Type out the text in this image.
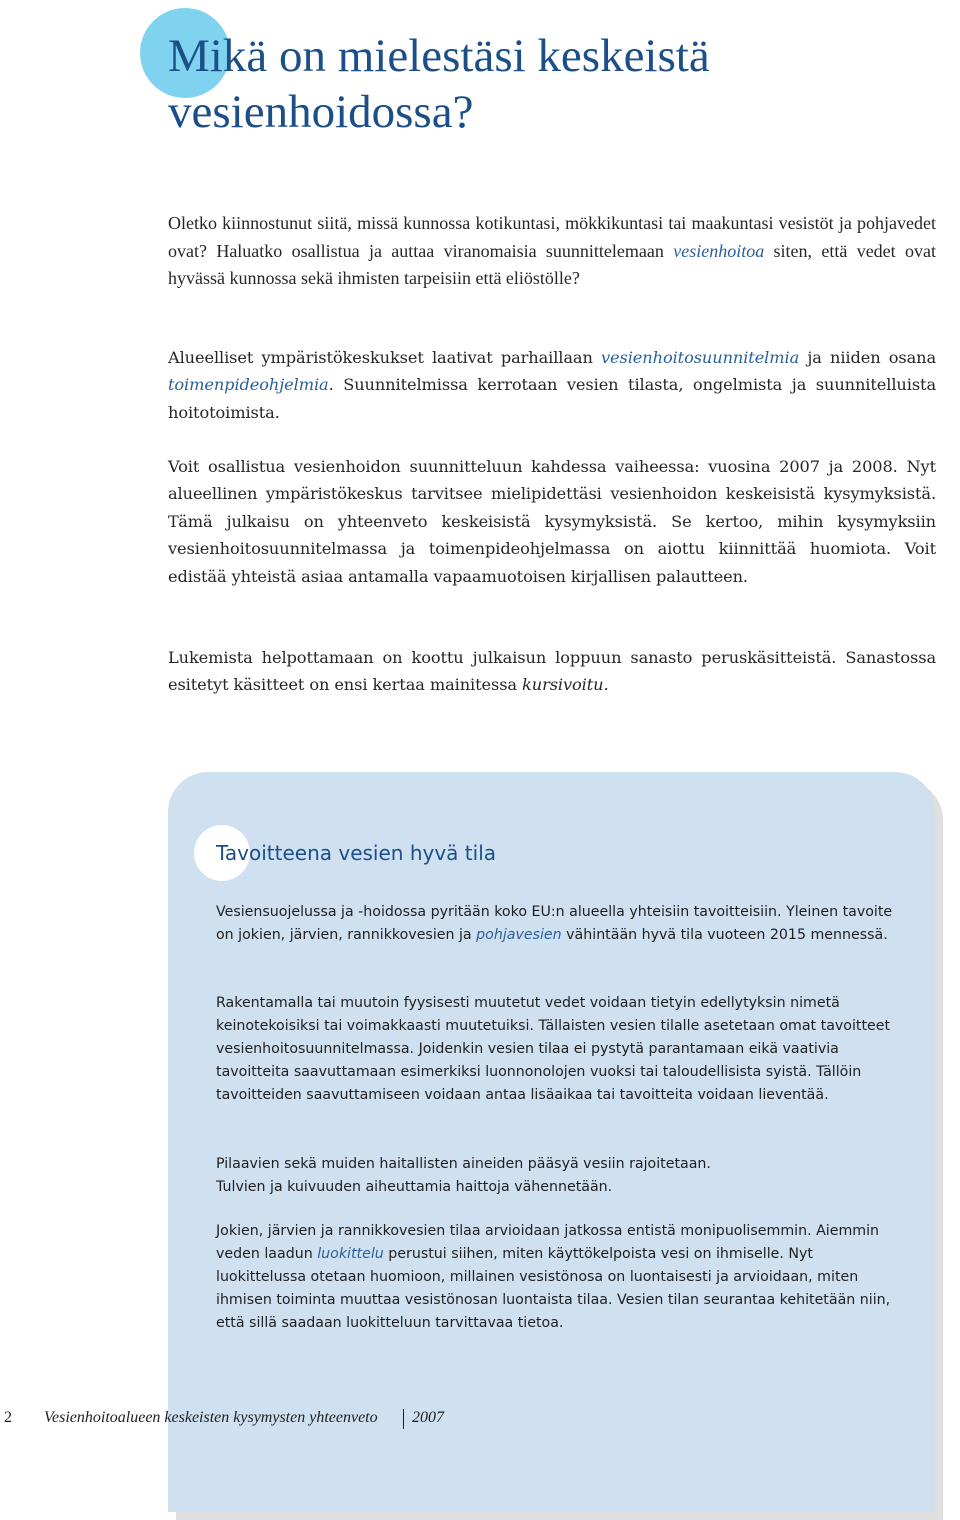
Mikä on mielestäsi keskeistä vesienhoidossa?

Oletko kiinnostunut siitä, missä kunnossa kotikuntasi, mökkikuntasi tai maakuntasi vesistöt ja pohjavedet ovat? Haluatko osallistua ja auttaa viranomaisia suunnittelemaan vesienhoitoa siten, että vedet ovat hyvässä kunnossa sekä ihmisten tarpeisiin että eliöstölle?

Alueelliset ympäristökeskukset laativat parhaillaan vesienhoitosuunnitelmia ja niiden osana toimenpideohjelmia. Suunnitelmissa kerrotaan vesien tilasta, ongelmista ja suunnitelluista hoitotoimista.

Voit osallistua vesienhoidon suunnitteluun kahdessa vaiheessa: vuosina 2007 ja 2008. Nyt alueellinen ympäristökeskus tarvitsee mielipidettäsi vesienhoidon keskeisistä kysymyksistä. Tämä julkaisu on yhteenveto keskeisistä kysymyksistä. Se kertoo, mihin kysymyksiin vesienhoitosuunnitelmassa ja toimenpideohjelmassa on aiottu kiinnittää huomiota. Voit edistää yhteistä asiaa antamalla vapaamuotoisen kirjallisen palautteen.

Lukemista helpottamaan on koottu julkaisun loppuun sanasto peruskäsitteistä. Sanastossa esitetyt käsitteet on ensi kertaa mainitessa kursivoitu.

Tavoitteena vesien hyvä tila

Vesiensuojelussa ja -hoidossa pyritään koko EU:n alueella yhteisiin tavoitteisiin. Yleinen tavoite on jokien, järvien, rannikkovesien ja pohjavesien vähintään hyvä tila vuoteen 2015 mennessä.

Rakentamalla tai muutoin fyysisesti muutetut vedet voidaan tietyin edellytyksin nimetä keinotekoisiksi tai voimakkaasti muutetuiksi. Tällaisten vesien tilalle asetetaan omat tavoitteet vesienhoitosuunnitelmassa. Joidenkin vesien tilaa ei pystytä parantamaan eikä vaativia tavoitteita saavuttamaan esimerkiksi luonnonolojen vuoksi tai taloudellisista syistä. Tällöin tavoitteiden saavuttamiseen voidaan antaa lisäaikaa tai tavoitteita voidaan lieventää.

Pilaavien sekä muiden haitallisten aineiden pääsyä vesiin rajoitetaan.

Tulvien ja kuivuuden aiheuttamia haittoja vähennetään.

Jokien, järvien ja rannikkovesien tilaa arvioidaan jatkossa entistä monipuolisemmin. Aiemmin veden laadun luokittelu perustui siihen, miten käyttökelpoista vesi on ihmiselle. Nyt luokittelussa otetaan huomioon, millainen vesistönosa on luontaisesti ja arvioidaan, miten ihmisen toiminta muuttaa vesistönosan luontaista tilaa. Vesien tilan seurantaa kehitetään niin, että sillä saadaan luokitteluun tarvittavaa tietoa.

2 Vesienhoitoalueen keskeisten kysymysten yhteenveto 2007
